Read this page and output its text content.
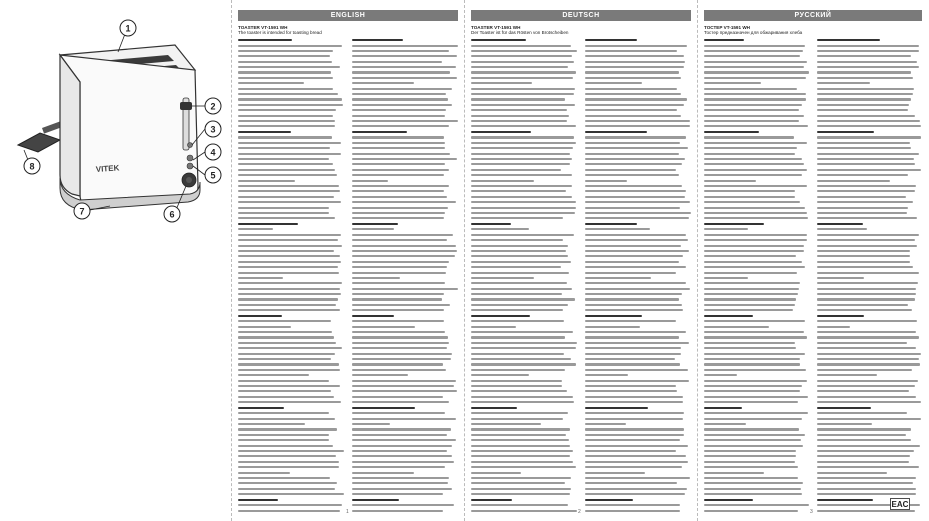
VITEK
1
2
3
4
5
6
7
8
ENGLISH
TOASTER VT-1591 WH
The toaster is intended for toasting bread
1
DEUTSCH
TOASTER VT-1591 WH
Der Toaster ist für das Rösten von Brotscheiben
2
РУССКИЙ
ТОСТЕР VT-1591 WH
Тостер предназначен для обжаривания хлеба
3
EAC
